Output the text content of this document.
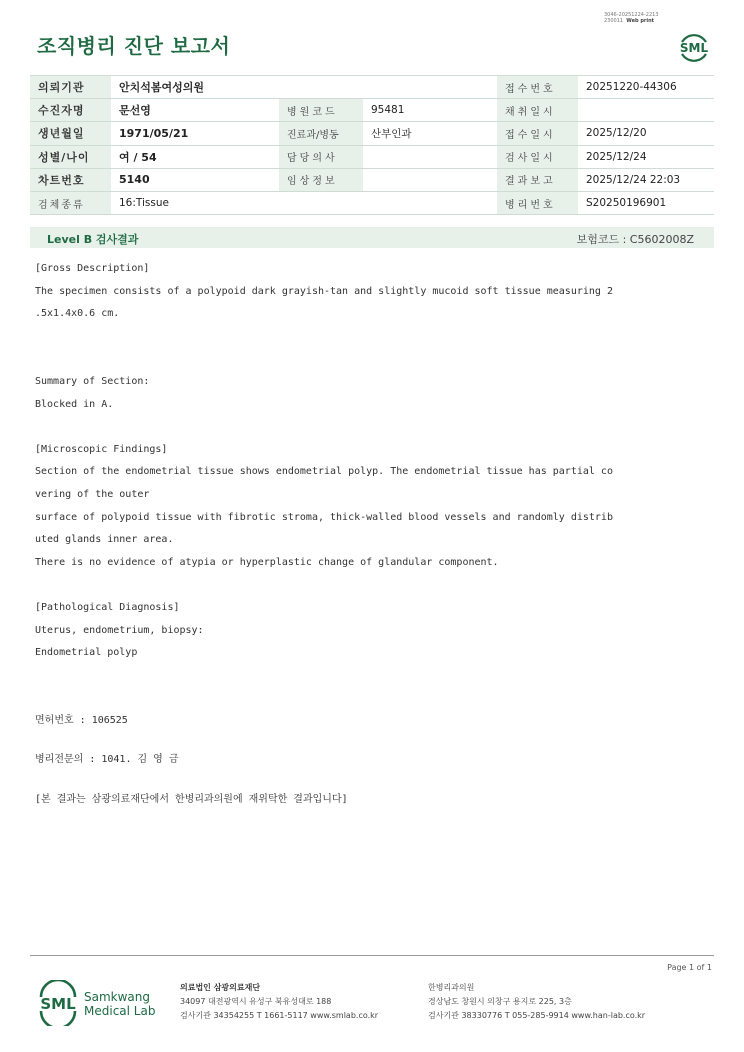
3046-20251224-2213
230011 Web print
조직병리 진단 보고서	SML
의뢰기관	안치석봄여성의원			접수번호	20251220-44306
수진자명	문선영	병원코드	95481	채취일시	
생년월일	1971/05/21	진료과/병동	산부인과	접수일시	2025/12/20
성별/나이	여 / 54	담당의사		검사일시	2025/12/24
차트번호	5140	임상정보		결과보고	2025/12/24 22:03
검체종류	16:Tissue			병리번호	S20250196901
Level B 검사결과	보험코드 : C5602008Z
[Gross Description]
The specimen consists of a polypoid dark grayish-tan and slightly mucoid soft tissue measuring 2
.5x1.4x0.6 cm.
Summary of Section:
Blocked in A.
[Microscopic Findings]
Section of the endometrial tissue shows endometrial polyp. The endometrial tissue has partial co
vering of the outer
surface of polypoid tissue with fibrotic stroma, thick-walled blood vessels and randomly distrib
uted glands inner area.
There is no evidence of atypia or hyperplastic change of glandular component.
[Pathological Diagnosis]
Uterus, endometrium, biopsy:
Endometrial polyp
면허번호 : 106525
병리전문의 : 1041. 김 영 금
[본 결과는 삼광의료재단에서 한병리과의원에 재위탁한 결과입니다]
Page 1 of 1
SML Samkwang
Medical Lab
의료법인 삼광의료재단
34097 대전광역시 유성구 북유성대로 188
검사기관 34354255 T 1661-5117 www.smlab.co.kr
한병리과의원
경상남도 창원시 의창구 용지로 225, 3층
검사기관 38330776 T 055-285-9914 www.han-lab.co.kr
